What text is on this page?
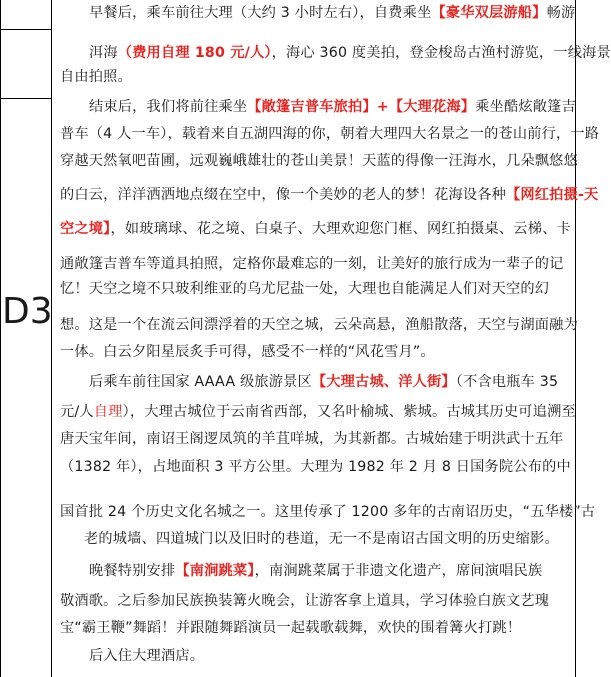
D3
早餐后，乘车前往大理（大约 3 小时左右），自费乘坐【豪华双层游船】畅游
洱海（费用自理 180 元/人），海心 360 度美拍，登金梭岛古渔村游览，一线海景
自由拍照。
结束后，我们将前往乘坐【敞篷吉普车旅拍】+【大理花海】乘坐酷炫敞篷吉
普车（4 人一车），载着来自五湖四海的你，朝着大理四大名景之一的苍山前行，一路
穿越天然氧吧苗圃，远观巍峨雄壮的苍山美景！天蓝的得像一汪海水，几朵飘悠悠
的白云，洋洋洒洒地点缀在空中，像一个美妙的老人的梦！花海设各种【网红拍摄-天
空之境】，如玻璃球、花之境、白桌子、大理欢迎您门框、网红拍摄桌、云梯、卡
通敞篷吉普车等道具拍照，定格你最难忘的一刻，让美好的旅行成为一辈子的记
忆！天空之境不只玻利维亚的乌尤尼盐一处，大理也自能满足人们对天空的幻
想。这是一个在流云间漂浮着的天空之城，云朵高悬，渔船散落，天空与湖面融为
一体。白云夕阳星辰炙手可得，感受不一样的“风花雪月”。
后乘车前往国家 AAAA 级旅游景区【大理古城、洋人街】（不含电瓶车 35
元/人自理），大理古城位于云南省西部，又名叶榆城、紫城。古城其历史可追溯至
唐天宝年间，南诏王阁逻凤筑的羊苴咩城，为其新都。古城始建于明洪武十五年
（1382 年），占地面积 3 平方公里。大理为 1982 年 2 月 8 日国务院公布的中
国首批 24 个历史文化名城之一。这里传承了 1200 多年的古南诏历史，“五华楼”古
老的城墙、四道城门以及旧时的巷道，无一不是南诏古国文明的历史缩影。
晚餐特别安排【南涧跳菜】，南涧跳菜属于非遗文化遗产，席间演唱民族
敬酒歌。之后参加民族换装篝火晚会，让游客拿上道具，学习体验白族文艺瑰
宝“霸王鞭”舞蹈！并跟随舞蹈演员一起载歌载舞，欢快的围着篝火打跳！
后入住大理酒店。
